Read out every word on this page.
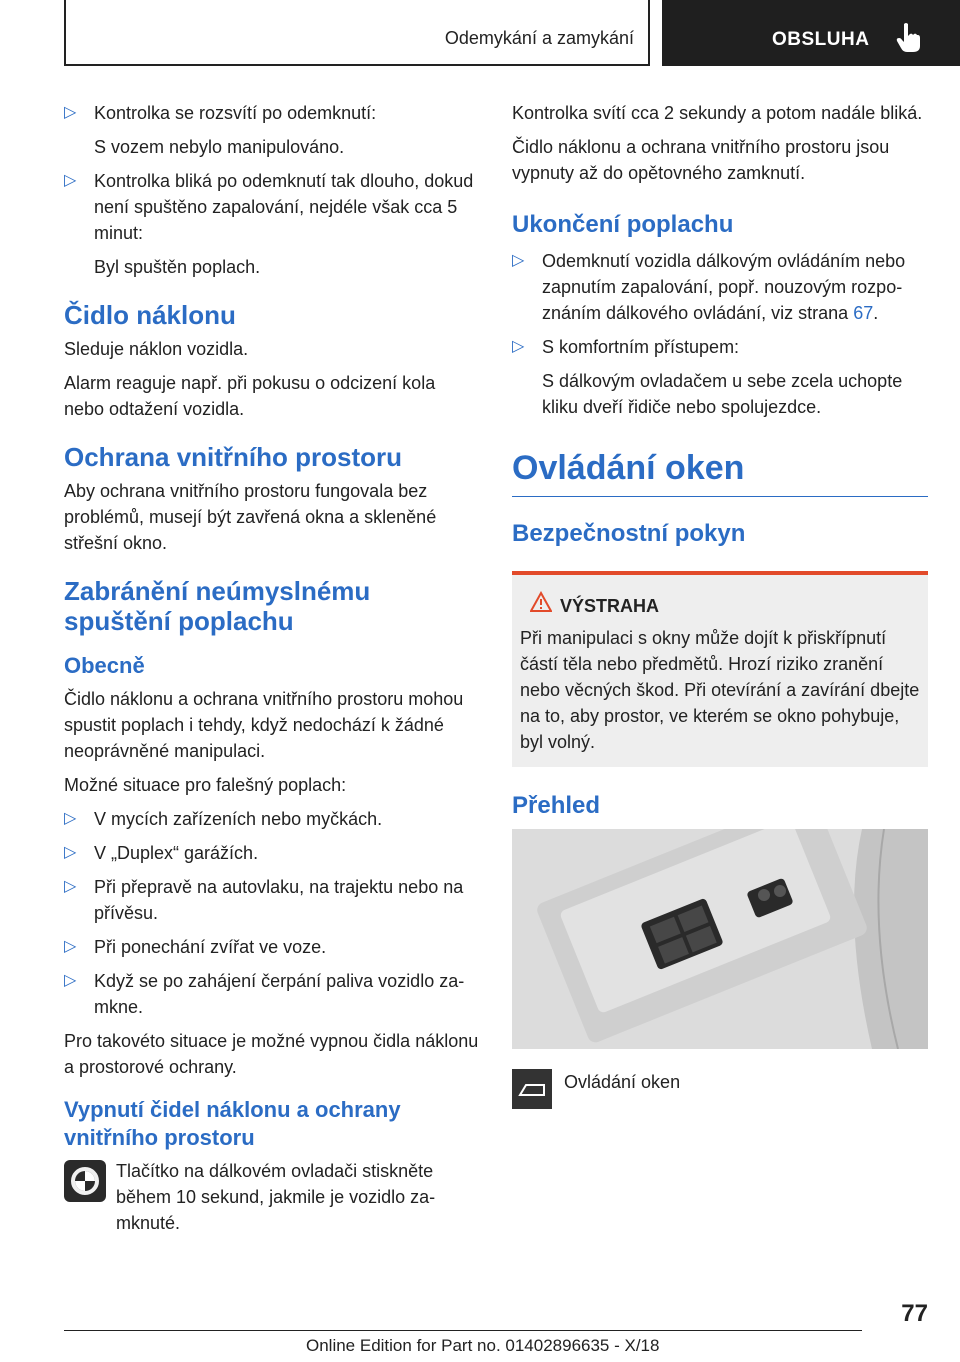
Odemykání a zamykání	OBSLUHA
▷ Kontrolka se rozsvítí po odemknutí:

S vozem nebylo manipulováno.

▷ Kontrolka bliká po odemknutí tak dlouho, dokud není spuštěno zapalování, nejdéle však cca 5 minut:

Byl spuštěn poplach.

Čidlo náklonu

Sleduje náklon vozidla.

Alarm reaguje např. při pokusu o odcizení kola nebo odtažení vozidla.

Ochrana vnitřního prostoru

Aby ochrana vnitřního prostoru fungovala bez problémů, musejí být zavřená okna a skleněné střešní okno.

Zabránění neúmyslnému spuštění poplachu
Obecně

Čidlo náklonu a ochrana vnitřního prostoru mohou spustit poplach i tehdy, když nedochází k žádné neoprávněné manipulaci.

Možné situace pro falešný poplach:

▷ V mycích zařízeních nebo myčkách.
▷ V „Duplex“ garážích.
▷ Při přepravě na autovlaku, na trajektu nebo na přívěsu.
▷ Při ponechání zvířat ve voze.
▷ Když se po zahájení čerpání paliva vozidlo zamkne.

Pro takovéto situace je možné vypnou čidla náklonu a prostorové ochrany.

Vypnutí čidel náklonu a ochrany vnitřního prostoru
Tlačítko na dálkovém ovladači stiskněte během 10 sekund, jakmile je vozidlo zamknuté.

Kontrolka svítí cca 2 sekundy a potom nadále bliká.

Čidlo náklonu a ochrana vnitřního prostoru jsou vypnuty až do opětovného zamknutí.

Ukončení poplachu
▷ Odemknutí vozidla dálkovým ovládáním nebo zapnutím zapalování, popř. nouzovým rozpoznáním dálkového ovládání, viz strana 67.
▷ S komfortním přístupem:

S dálkovým ovladačem u sebe zcela uchopte kliku dveří řidiče nebo spolujezdce.

Ovládání oken
Bezpečnostní pokyn
VÝSTRAHA

Při manipulaci s okny může dojít k přiskřípnutí částí těla nebo předmětů. Hrozí riziko zranění nebo věcných škod. Při otevírání a zavírání dbejte na to, aby prostor, ve kterém se okno pohybuje, byl volný.

Přehled
Ovládání oken
77
Online Edition for Part no. 01402896635 - X/18
